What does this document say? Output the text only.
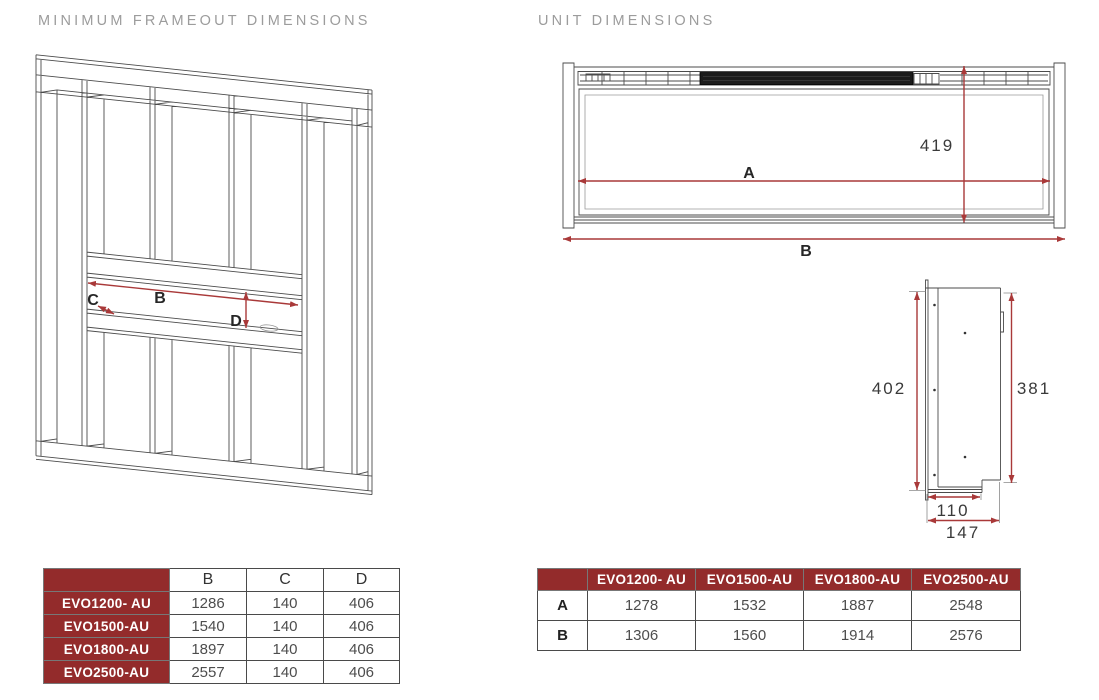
MINIMUM FRAMEOUT DIMENSIONS	UNIT DIMENSIONS
C	B
D
A
419
B
402	381
110
147
	B	C	D
EVO1200- AU	1286	140	406
EVO1500-AU	1540	140	406
EVO1800-AU	1897	140	406
EVO2500-AU	2557	140	406
	EVO1200- AU	EVO1500-AU	EVO1800-AU	EVO2500-AU
A	1278	1532	1887	2548
B	1306	1560	1914	2576
